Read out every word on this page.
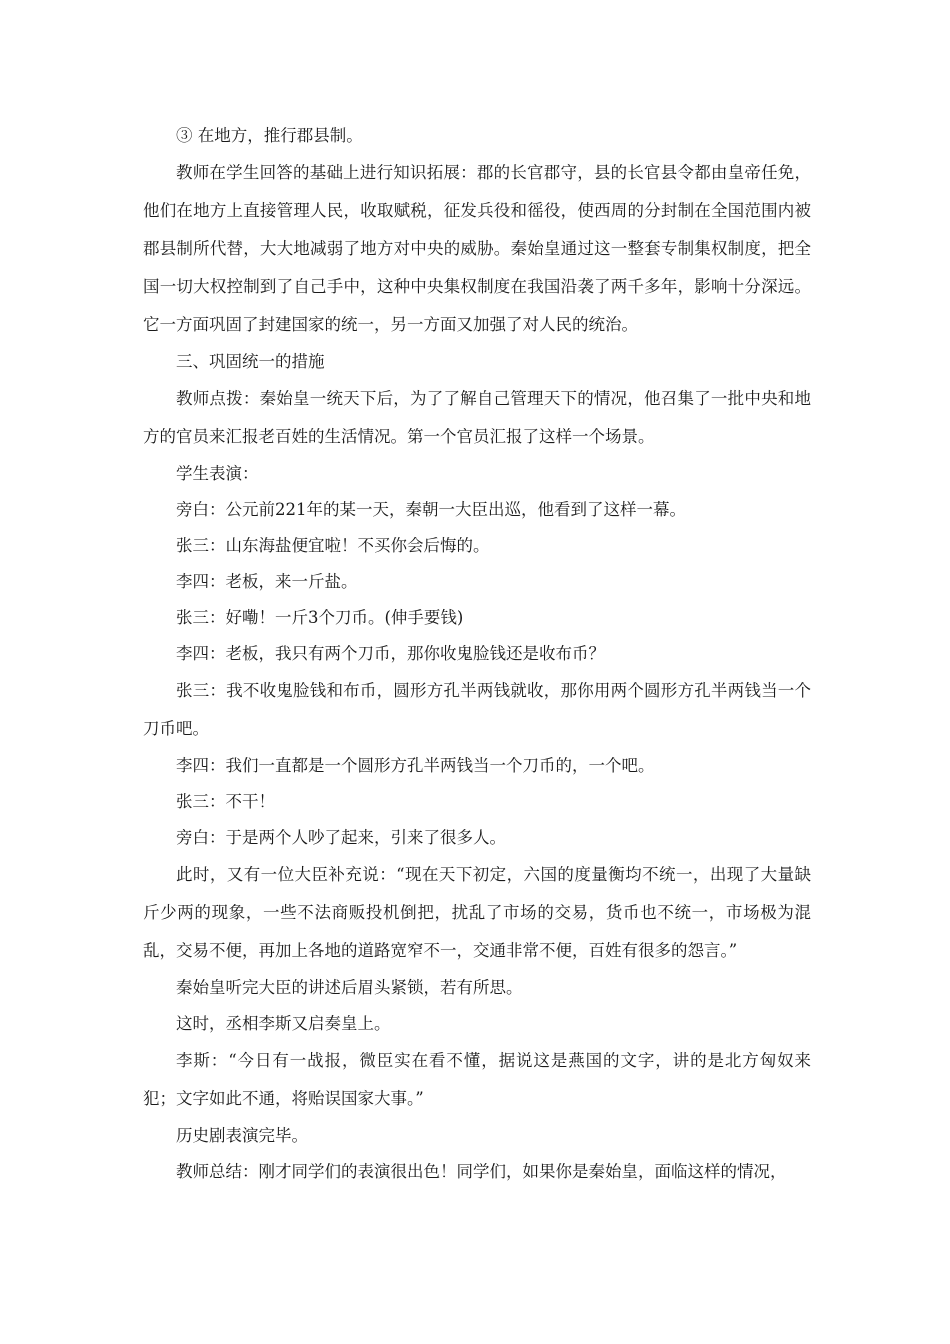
③ 在地方，推行郡县制。

教师在学生回答的基础上进行知识拓展：郡的长官郡守，县的长官县令都由皇帝任免，他们在地方上直接管理人民，收取赋税，征发兵役和徭役，使西周的分封制在全国范围内被郡县制所代替，大大地减弱了地方对中央的威胁。秦始皇通过这一整套专制集权制度，把全国一切大权控制到了自己手中，这种中央集权制度在我国沿袭了两千多年，影响十分深远。它一方面巩固了封建国家的统一，另一方面又加强了对人民的统治。

三、巩固统一的措施

教师点拨：秦始皇一统天下后，为了了解自己管理天下的情况，他召集了一批中央和地方的官员来汇报老百姓的生活情况。第一个官员汇报了这样一个场景。

学生表演：

旁白：公元前221年的某一天，秦朝一大臣出巡，他看到了这样一幕。

张三：山东海盐便宜啦！不买你会后悔的。

李四：老板，来一斤盐。

张三：好嘞！一斤3个刀币。(伸手要钱)

李四：老板，我只有两个刀币，那你收鬼脸钱还是收布币？

张三：我不收鬼脸钱和布币，圆形方孔半两钱就收，那你用两个圆形方孔半两钱当一个刀币吧。

李四：我们一直都是一个圆形方孔半两钱当一个刀币的，一个吧。

张三：不干！

旁白：于是两个人吵了起来，引来了很多人。

此时，又有一位大臣补充说：“现在天下初定，六国的度量衡均不统一，出现了大量缺斤少两的现象，一些不法商贩投机倒把，扰乱了市场的交易，货币也不统一，市场极为混乱，交易不便，再加上各地的道路宽窄不一，交通非常不便，百姓有很多的怨言。”

秦始皇听完大臣的讲述后眉头紧锁，若有所思。

这时，丞相李斯又启奏皇上。

李斯：“今日有一战报，微臣实在看不懂，据说这是燕国的文字，讲的是北方匈奴来犯；文字如此不通，将贻误国家大事。”

历史剧表演完毕。

教师总结：刚才同学们的表演很出色！同学们，如果你是秦始皇，面临这样的情况，
